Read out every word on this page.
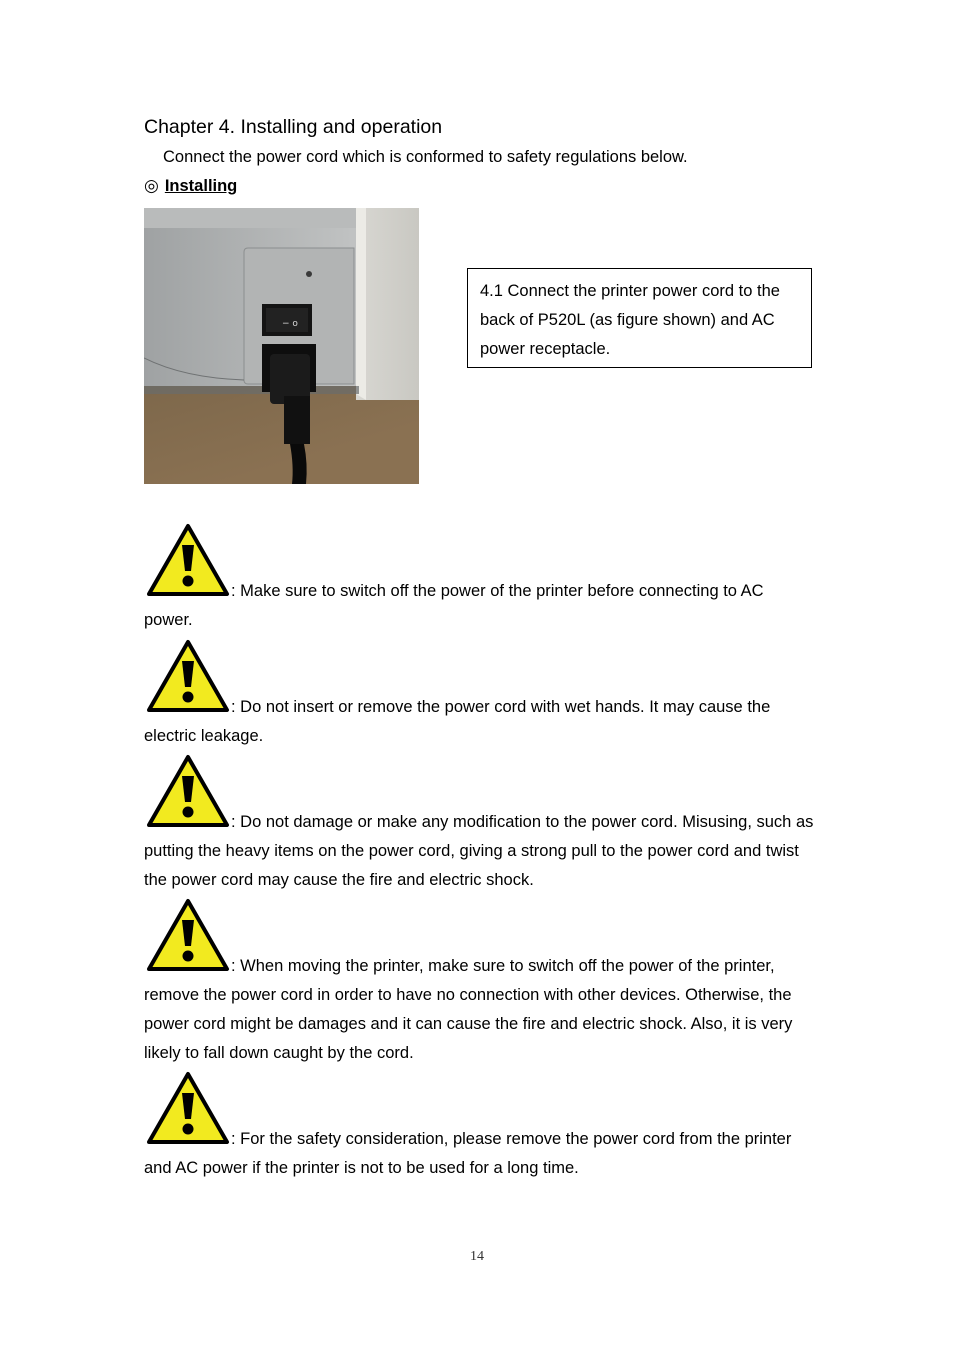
Chapter 4. Installing and operation
Connect the power cord which is conformed to safety regulations below.
◎ Installing
− o
4.1 Connect the printer power cord to the back of P520L (as figure shown) and AC power receptacle.
: Make sure to switch off the power of the printer before connecting to AC power.
: Do not insert or remove the power cord with wet hands. It may cause the electric leakage.
: Do not damage or make any modification to the power cord. Misusing, such as putting the heavy items on the power cord, giving a strong pull to the power cord and twist the power cord may cause the fire and electric shock.
: When moving the printer, make sure to switch off the power of the printer, remove the power cord in order to have no connection with other devices. Otherwise, the power cord might be damages and it can cause the fire and electric shock. Also, it is very likely to fall down caught by the cord.
: For the safety consideration, please remove the power cord from the printer and AC power if the printer is not to be used for a long time.
14
